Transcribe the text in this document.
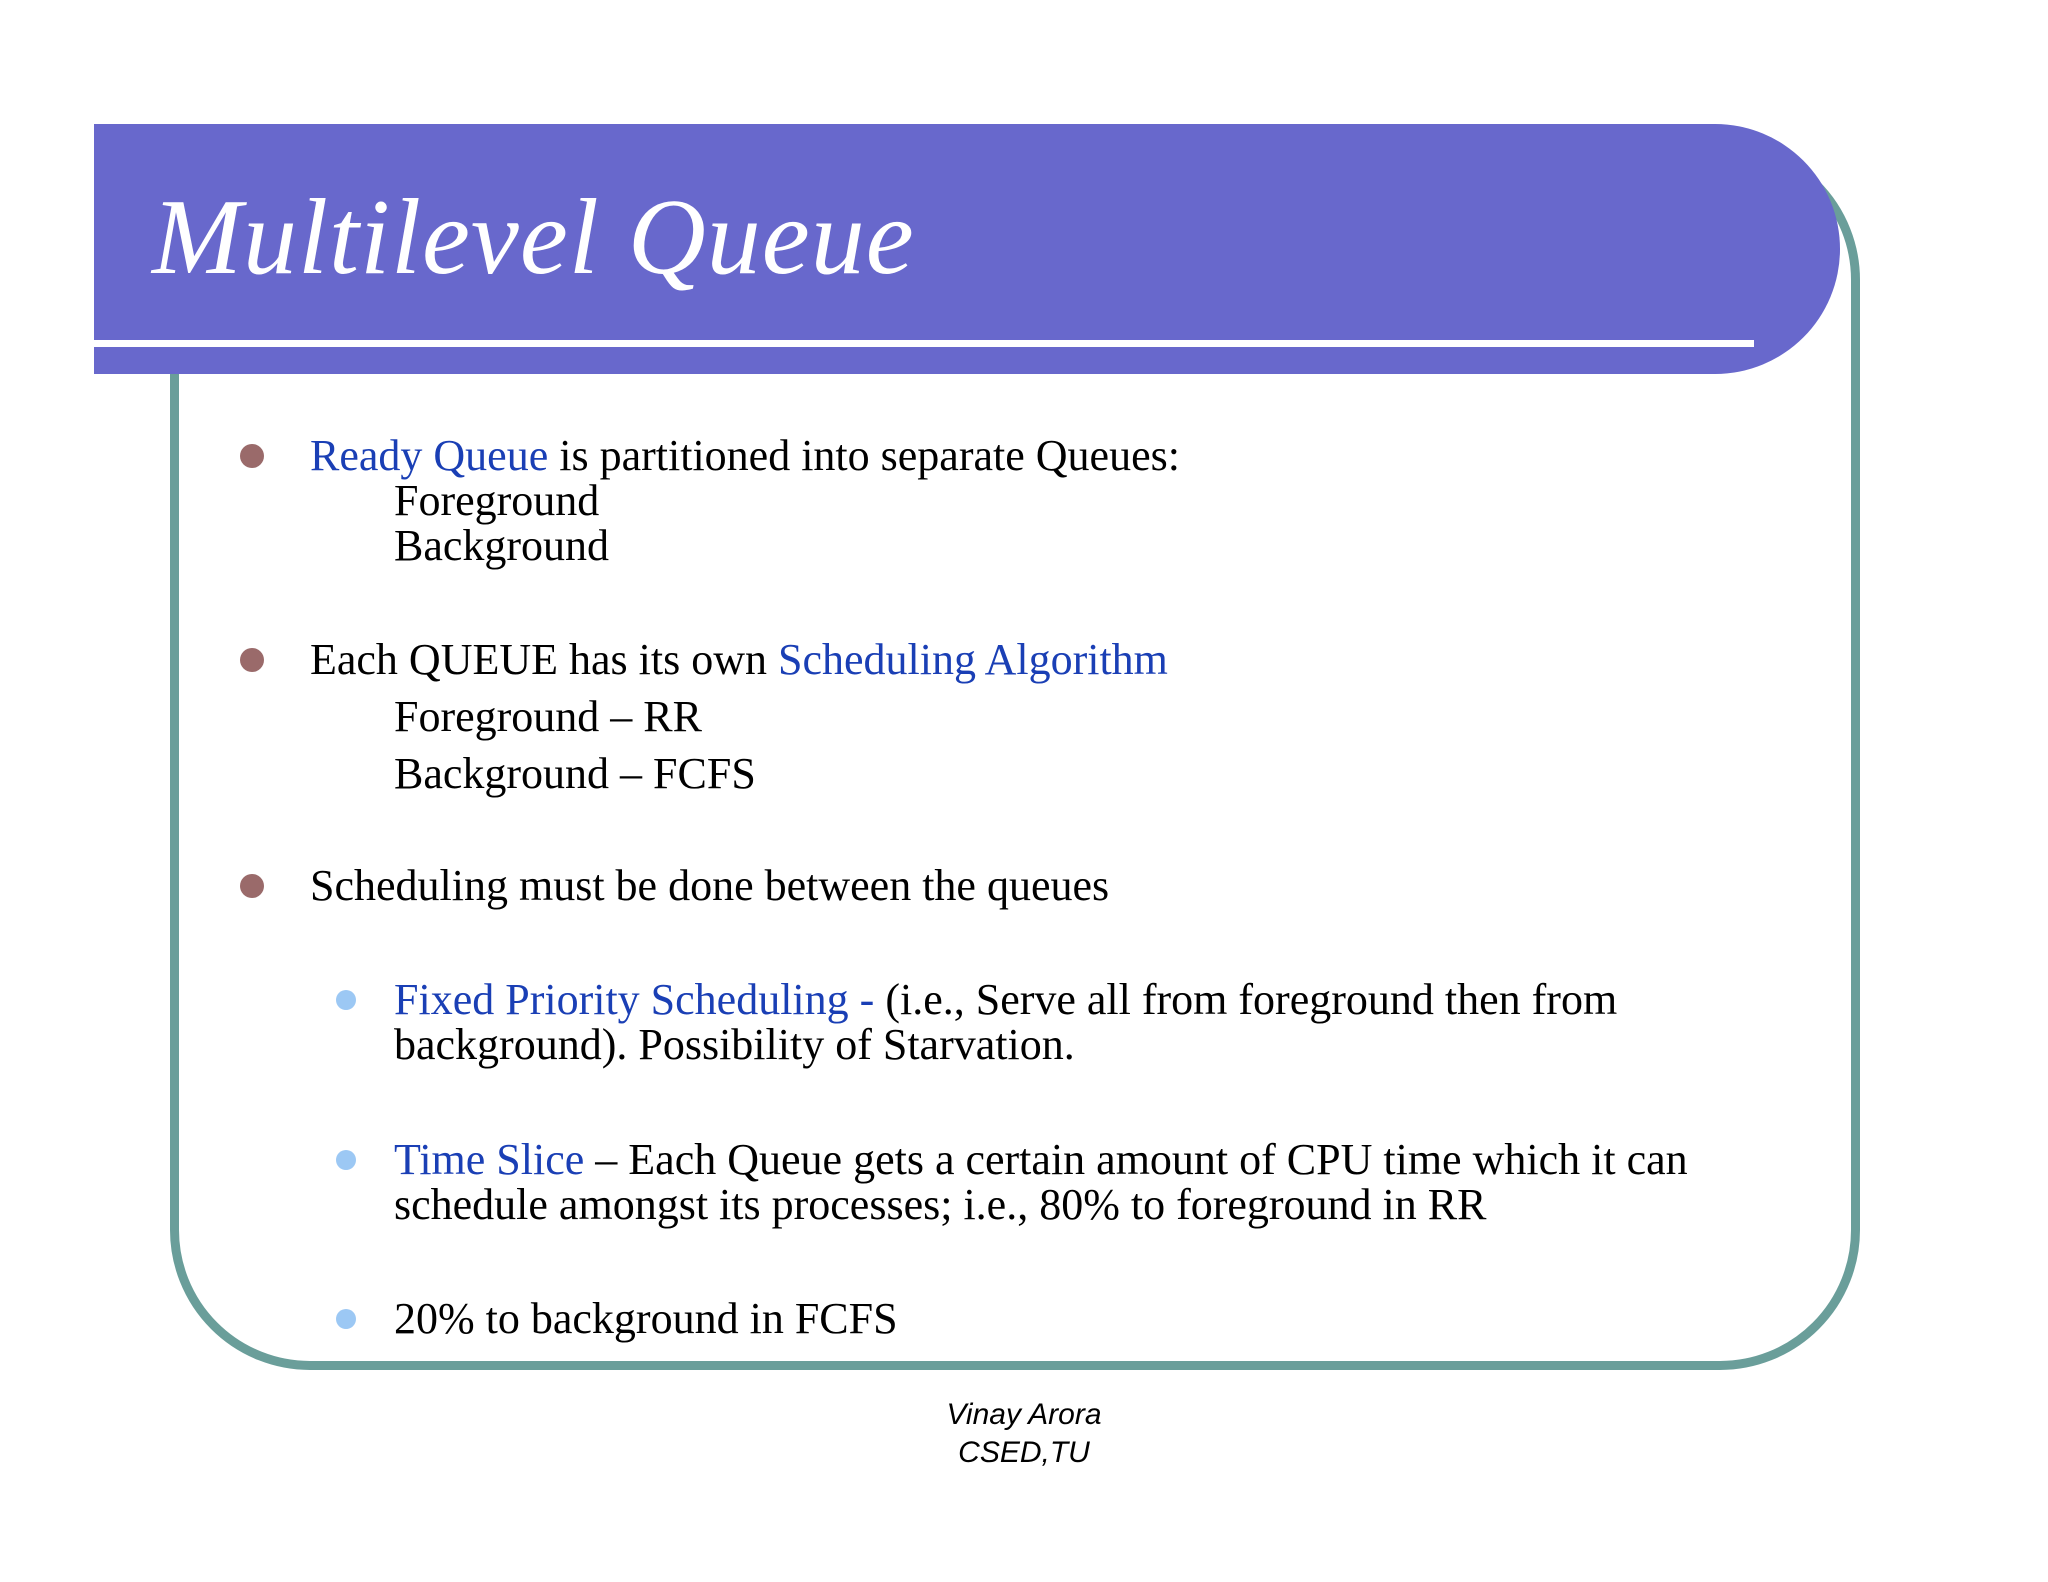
Multilevel Queue
Ready Queue is partitioned into separate Queues:
Foreground
Background
Each QUEUE has its own Scheduling Algorithm
Foreground – RR
Background – FCFS
Scheduling must be done between the queues
Fixed Priority Scheduling - (i.e., Serve all from foreground then from
background). Possibility of Starvation.
Time Slice – Each Queue gets a certain amount of CPU time which it can
schedule amongst its processes; i.e., 80% to foreground in RR
20% to background in FCFS
Vinay Arora
CSED,TU
